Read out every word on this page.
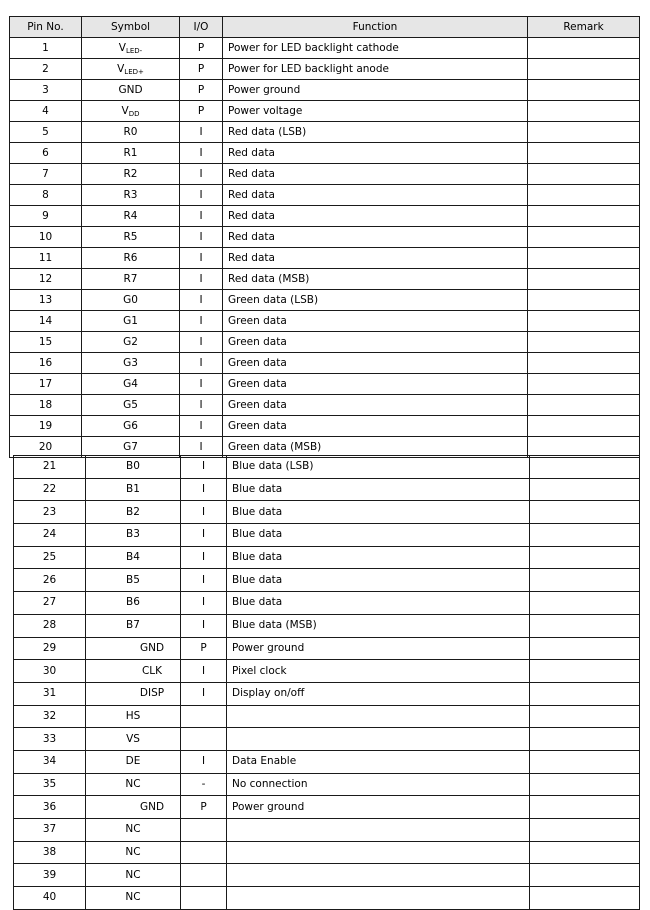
Pin No.	Symbol	I/O	Function	Remark
1	$V_{LED-}$	P	Power for LED backlight cathode	
2	$V_{LED+}$	P	Power for LED backlight anode	
3	GND	P	Power ground	
4	$V_{DD}$	P	Power voltage	
5	R0	I	Red data (LSB)	
6	R1	I	Red data	
7	R2	I	Red data	
8	R3	I	Red data	
9	R4	I	Red data	
10	R5	I	Red data	
11	R6	I	Red data	
12	R7	I	Red data (MSB)	
13	G0	I	Green data (LSB)	
14	G1	I	Green data	
15	G2	I	Green data	
16	G3	I	Green data	
17	G4	I	Green data	
18	G5	I	Green data	
19	G6	I	Green data	
20	G7	I	Green data (MSB)	
21	B0	I	Blue data (LSB)	
22	B1	I	Blue data	
23	B2	I	Blue data	
24	B3	I	Blue data	
25	B4	I	Blue data	
26	B5	I	Blue data	
27	B6	I	Blue data	
28	B7	I	Blue data (MSB)	
29	GND	P	Power ground	
30	CLK	I	Pixel clock	
31	DISP	I	Display on/off	
32	HS			
33	VS			
34	DE	I	Data Enable	
35	NC	-	No connection	
36	GND	P	Power ground	
37	NC			
38	NC			
39	NC			
40	NC			
